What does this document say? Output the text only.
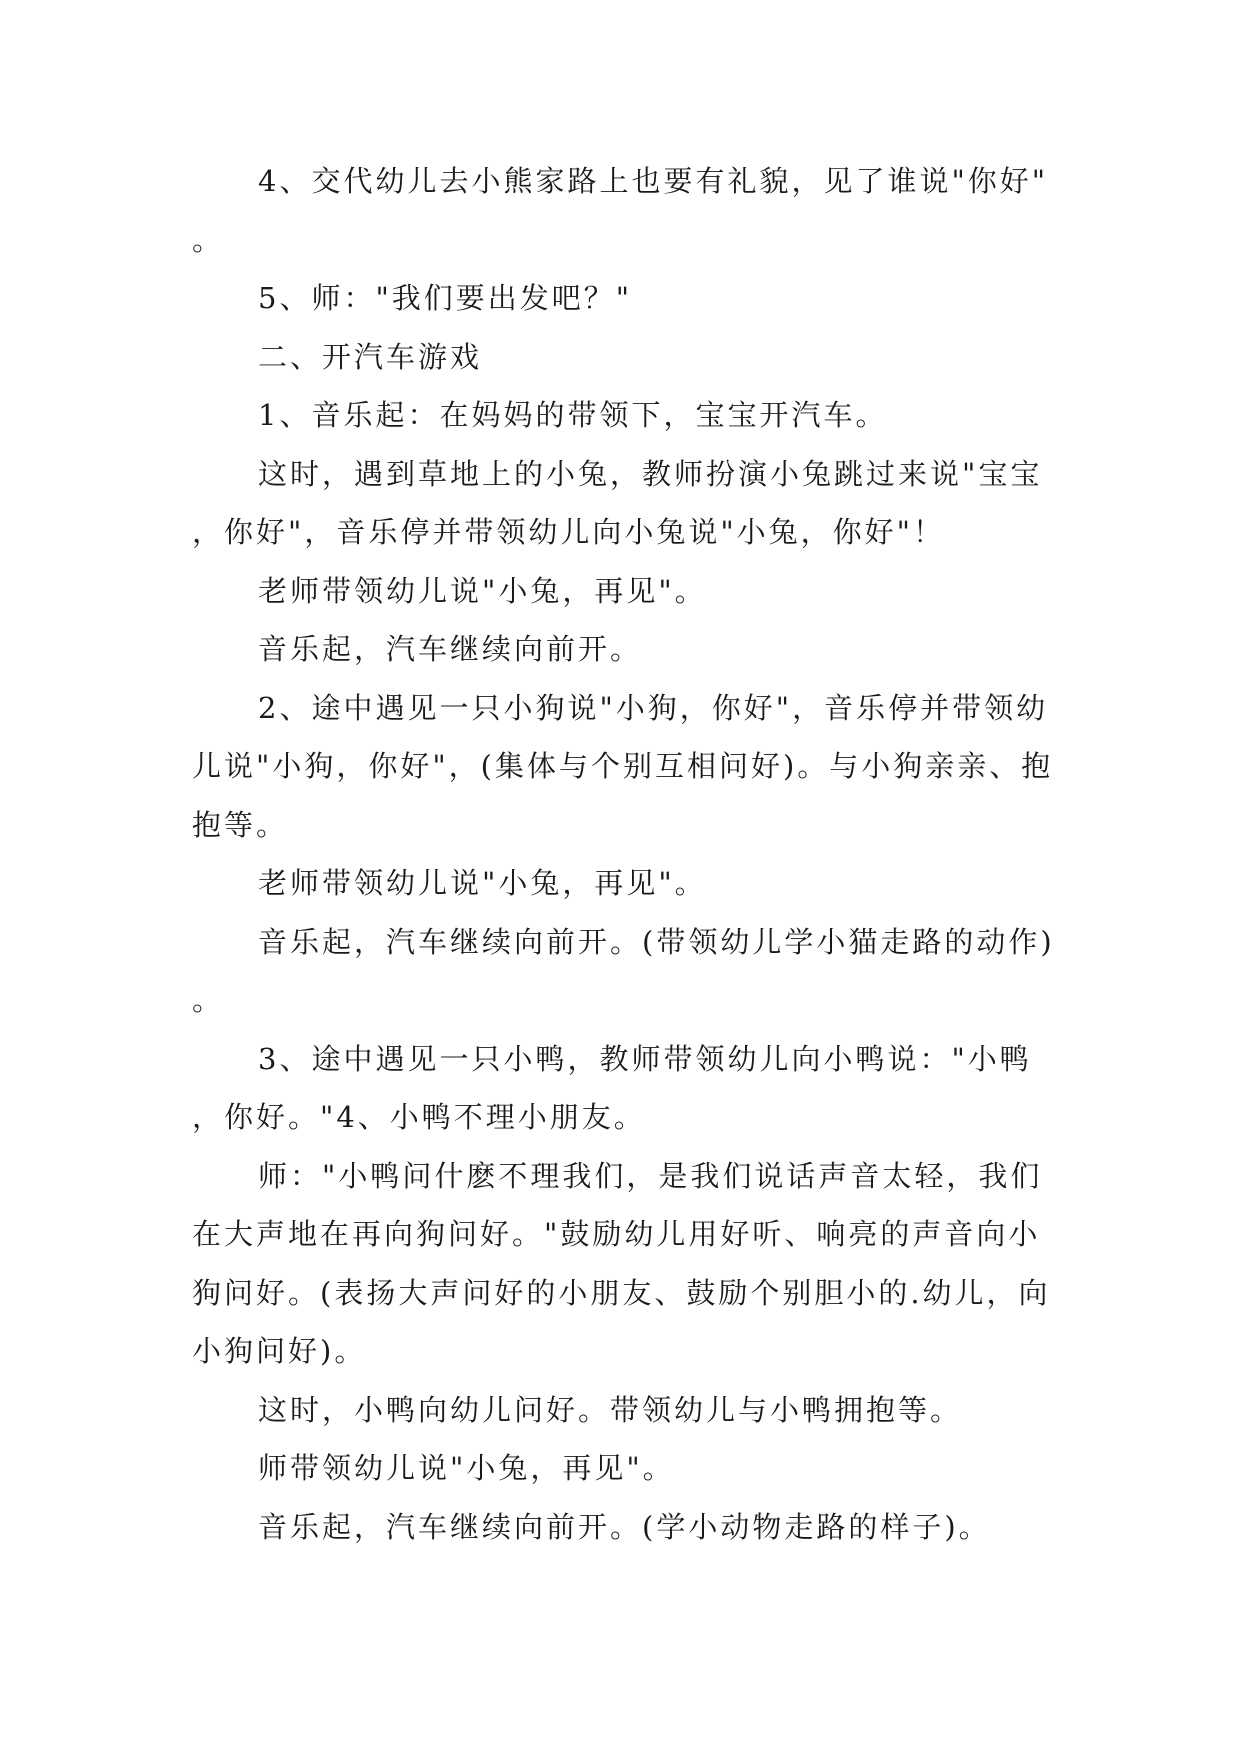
4、交代幼儿去小熊家路上也要有礼貌，见了谁说"你好"。

5、师："我们要出发吧？"

二、开汽车游戏

1、音乐起：在妈妈的带领下，宝宝开汽车。

这时，遇到草地上的小兔，教师扮演小兔跳过来说"宝宝，你好"，音乐停并带领幼儿向小兔说"小兔，你好"！

老师带领幼儿说"小兔，再见"。

音乐起，汽车继续向前开。

2、途中遇见一只小狗说"小狗，你好"，音乐停并带领幼儿说"小狗，你好"，(集体与个别互相问好)。与小狗亲亲、抱抱等。

老师带领幼儿说"小兔，再见"。

音乐起，汽车继续向前开。(带领幼儿学小猫走路的动作)。

3、途中遇见一只小鸭，教师带领幼儿向小鸭说："小鸭，你好。"4、小鸭不理小朋友。

师："小鸭问什麽不理我们，是我们说话声音太轻，我们在大声地在再向狗问好。"鼓励幼儿用好听、响亮的声音向小狗问好。(表扬大声问好的小朋友、鼓励个别胆小的.幼儿，向小狗问好)。

这时，小鸭向幼儿问好。带领幼儿与小鸭拥抱等。

师带领幼儿说"小兔，再见"。

音乐起，汽车继续向前开。(学小动物走路的样子)。
